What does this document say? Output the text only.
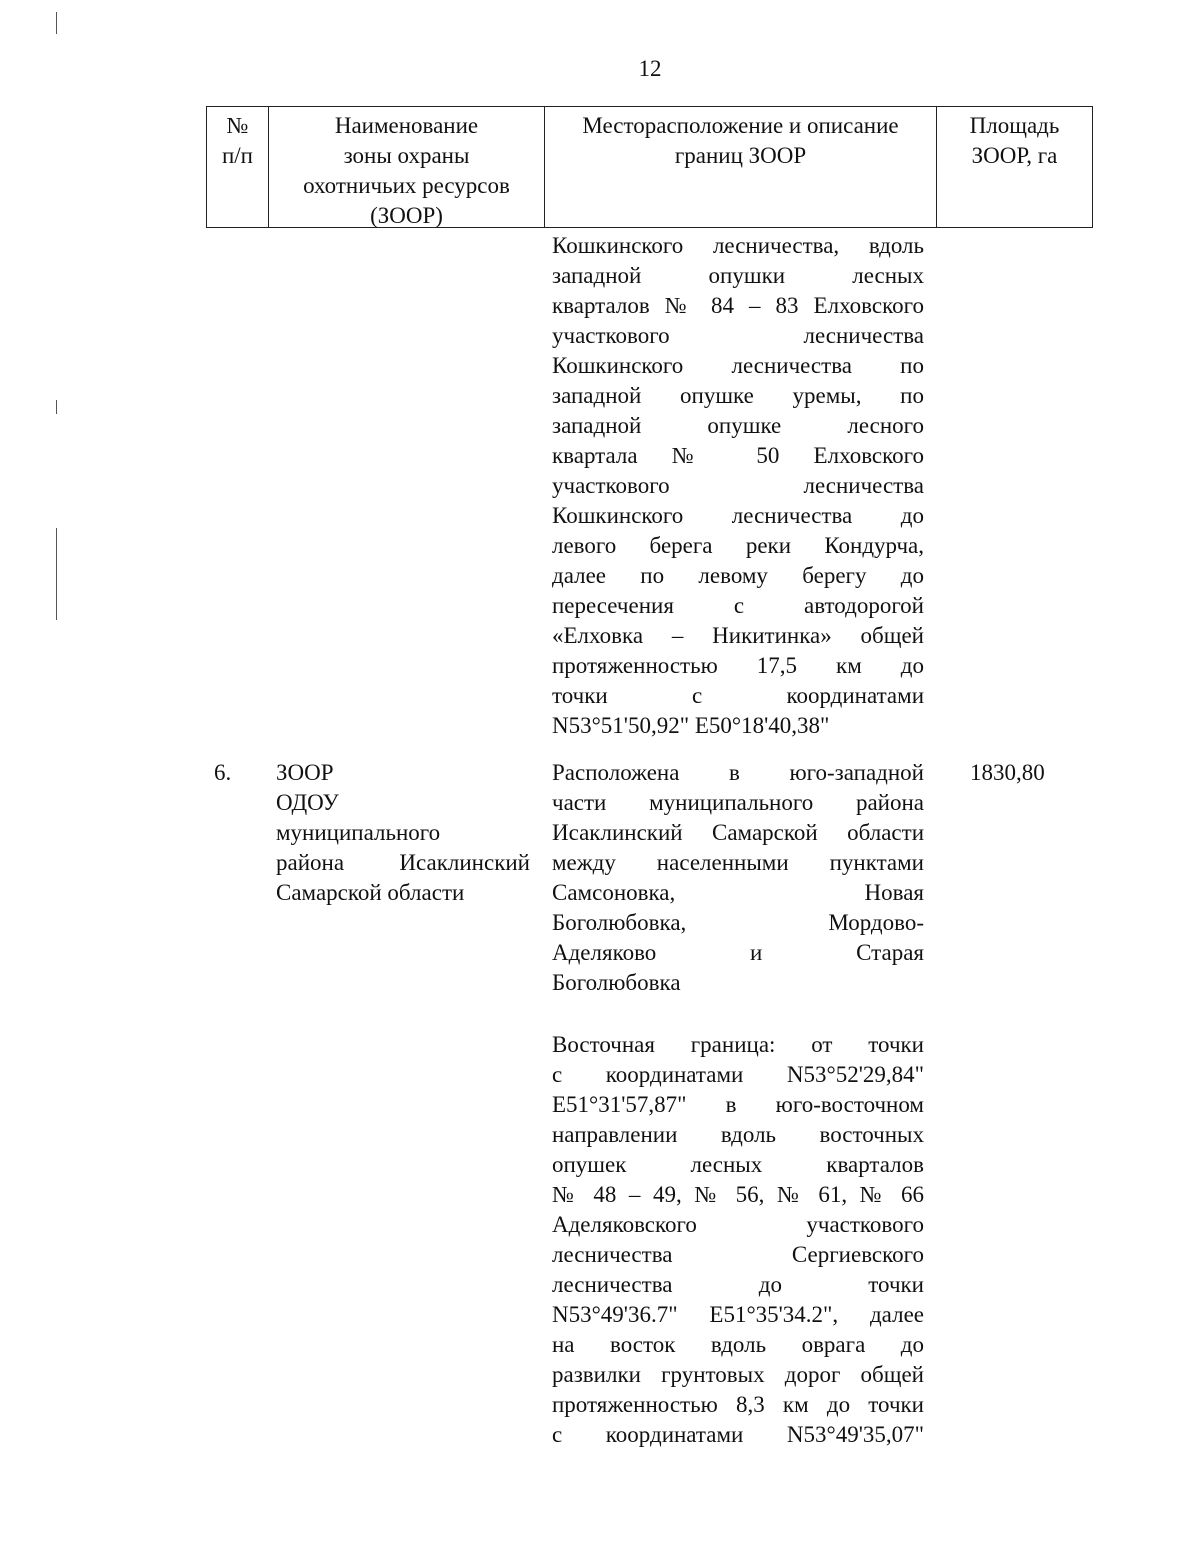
12
№
п/п
Наименование
зоны охраны
охотничьих ресурсов
(ЗООР)
Месторасположение и описание
границ ЗООР
Площадь
ЗООР, га
Кошкинского лесничества, вдоль
западной опушки лесных
кварталов № 84 – 83 Елховского
участкового лесничества
Кошкинского лесничества по
западной опушке уремы, по
западной опушке лесного
квартала № 50 Елховского
участкового лесничества
Кошкинского лесничества до
левого берега реки Кондурча,
далее по левому берегу до
пересечения с автодорогой
«Елховка – Никитинка» общей
протяженностью 17,5 км до
точки с координатами
N53°51'50,92" E50°18'40,38"
6. ЗООР
ОДОУ
муниципального
района Исаклинский
Самарской области
1830,80
Расположена в юго-западной
части муниципального района
Исаклинский Самарской области
между населенными пунктами
Самсоновка, Новая
Боголюбовка, Мордово-
Аделяково и Старая
Боголюбовка
Восточная граница: от точки
с координатами N53°52'29,84"
E51°31'57,87" в юго-восточном
направлении вдоль восточных
опушек лесных кварталов
№ 48 – 49, № 56, № 61, № 66
Аделяковского участкового
лесничества Сергиевского
лесничества до точки
N53°49'36.7" E51°35'34.2", далее
на восток вдоль оврага до
развилки грунтовых дорог общей
протяженностью 8,3 км до точки
с координатами N53°49'35,07"
